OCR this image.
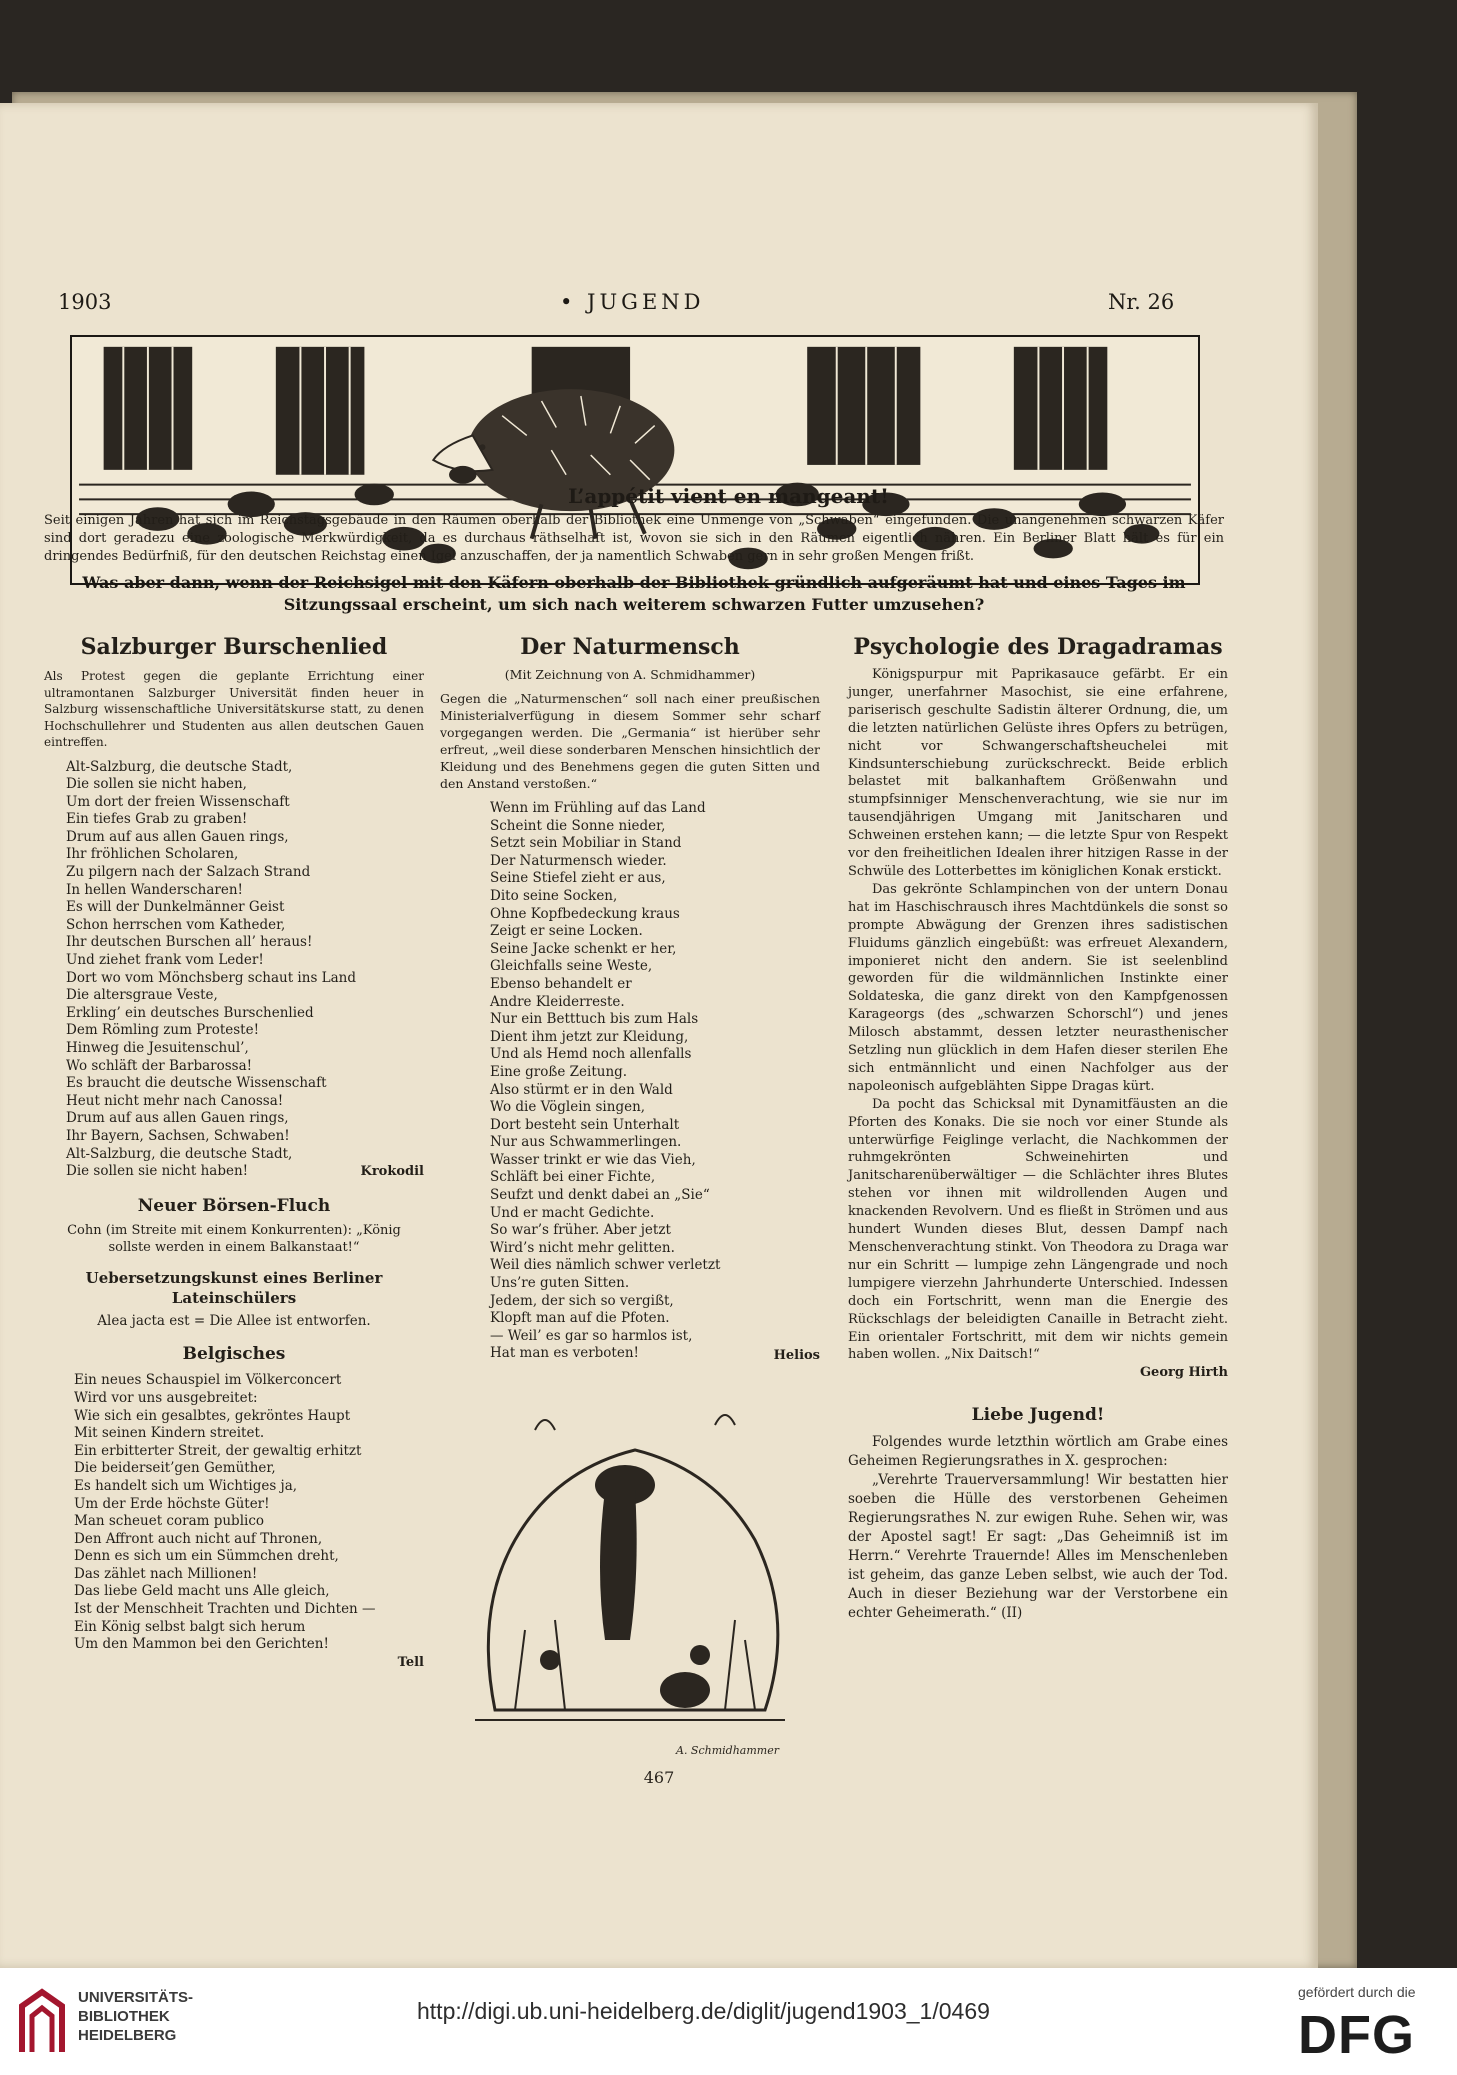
1903	• JUGEND	Nr. 26
L’appétit vient en mangeant!
Seit einigen Jahren hat sich im Reichstagsgebäude in den Räumen oberhalb der Bibliothek eine Unmenge von „Schwaben“ eingefunden. Die unangenehmen schwarzen Käfer sind dort geradezu eine zoologische Merkwürdigkeit, da es durchaus räthselhaft ist, wovon sie sich in den Räumen eigentlich nähren. Ein Berliner Blatt hält es für ein dringendes Bedürfniß, für den deutschen Reichstag einen Igel anzuschaffen, der ja namentlich Schwaben gern in sehr großen Mengen frißt.
Was aber dann, wenn der Reichsigel mit den Käfern oberhalb der Bibliothek gründlich aufgeräumt hat und eines Tages im Sitzungssaal erscheint, um sich nach weiterem schwarzen Futter umzusehen?

Salzburger Burschenlied

Als Protest gegen die geplante Errichtung einer ultramontanen Salzburger Universität finden heuer in Salzburg wissenschaftliche Universitätskurse statt, zu denen Hochschullehrer und Studenten aus allen deutschen Gauen eintreffen.

Alt-Salzburg, die deutsche Stadt,
Die sollen sie nicht haben,
Um dort der freien Wissenschaft
Ein tiefes Grab zu graben!
Drum auf aus allen Gauen rings,
Ihr fröhlichen Scholaren,
Zu pilgern nach der Salzach Strand
In hellen Wanderscharen!
Es will der Dunkelmänner Geist
Schon herrschen vom Katheder,
Ihr deutschen Burschen all’ heraus!
Und ziehet frank vom Leder!
Dort wo vom Mönchsberg schaut ins Land
Die altersgraue Veste,
Erkling’ ein deutsches Burschenlied
Dem Römling zum Proteste!
Hinweg die Jesuitenschul’,
Wo schläft der Barbarossa!
Es braucht die deutsche Wissenschaft
Heut nicht mehr nach Canossa!
Drum auf aus allen Gauen rings,
Ihr Bayern, Sachsen, Schwaben!
Alt-Salzburg, die deutsche Stadt,
Die sollen sie nicht haben!	Krokodil

Neuer Börsen-Fluch

Cohn (im Streite mit einem Konkurrenten): „König sollste werden in einem Balkanstaat!“

Uebersetzungskunst eines Berliner Lateinschülers

Alea jacta est = Die Allee ist entworfen.

Belgisches

Ein neues Schauspiel im Völkerconcert
Wird vor uns ausgebreitet:
Wie sich ein gesalbtes, gekröntes Haupt
Mit seinen Kindern streitet.
Ein erbitterter Streit, der gewaltig erhitzt
Die beiderseit’gen Gemüther,
Es handelt sich um Wichtiges ja,
Um der Erde höchste Güter!
Man scheuet coram publico
Den Affront auch nicht auf Thronen,
Denn es sich um ein Sümmchen dreht,
Das zählet nach Millionen!
Das liebe Geld macht uns Alle gleich,
Ist der Menschheit Trachten und Dichten —
Ein König selbst balgt sich herum
Um den Mammon bei den Gerichten!

Tell

Der Naturmensch

(Mit Zeichnung von A. Schmidhammer)

Gegen die „Naturmenschen“ soll nach einer preußischen Ministerialverfügung in diesem Sommer sehr scharf vorgegangen werden. Die „Germania“ ist hierüber sehr erfreut, „weil diese sonderbaren Menschen hinsichtlich der Kleidung und des Benehmens gegen die guten Sitten und den Anstand verstoßen.“

Wenn im Frühling auf das Land
Scheint die Sonne nieder,
Setzt sein Mobiliar in Stand
Der Naturmensch wieder.
Seine Stiefel zieht er aus,
Dito seine Socken,
Ohne Kopfbedeckung kraus
Zeigt er seine Locken.
Seine Jacke schenkt er her,
Gleichfalls seine Weste,
Ebenso behandelt er
Andre Kleiderreste.
Nur ein Betttuch bis zum Hals
Dient ihm jetzt zur Kleidung,
Und als Hemd noch allenfalls
Eine große Zeitung.
Also stürmt er in den Wald
Wo die Vöglein singen,
Dort besteht sein Unterhalt
Nur aus Schwammerlingen.
Wasser trinkt er wie das Vieh,
Schläft bei einer Fichte,
Seufzt und denkt dabei an „Sie“
Und er macht Gedichte.
So war’s früher. Aber jetzt
Wird’s nicht mehr gelitten.
Weil dies nämlich schwer verletzt
Uns’re guten Sitten.
Jedem, der sich so vergißt,
Klopft man auf die Pfoten.
— Weil’ es gar so harmlos ist,
Hat man es verboten!	Helios

A. Schmidhammer

Psychologie des Dragadramas

Königspurpur mit Paprikasauce gefärbt. Er ein junger, unerfahrner Masochist, sie eine erfahrene, pariserisch geschulte Sadistin älterer Ordnung, die, um die letzten natürlichen Gelüste ihres Opfers zu betrügen, nicht vor Schwangerschaftsheuchelei mit Kindsunterschiebung zurückschreckt. Beide erblich belastet mit balkanhaftem Größenwahn und stumpfsinniger Menschenverachtung, wie sie nur im tausendjährigen Umgang mit Janitscharen und Schweinen erstehen kann; — die letzte Spur von Respekt vor den freiheitlichen Idealen ihrer hitzigen Rasse in der Schwüle des Lotterbettes im königlichen Konak erstickt.

Das gekrönte Schlampinchen von der untern Donau hat im Haschischrausch ihres Machtdünkels die sonst so prompte Abwägung der Grenzen ihres sadistischen Fluidums gänzlich eingebüßt: was erfreuet Alexandern, imponieret nicht den andern. Sie ist seelenblind geworden für die wildmännlichen Instinkte einer Soldateska, die ganz direkt von den Kampfgenossen Karageorgs (des „schwarzen Schorschl“) und jenes Milosch abstammt, dessen letzter neurasthenischer Setzling nun glücklich in dem Hafen dieser sterilen Ehe sich entmännlicht und einen Nachfolger aus der napoleonisch aufgeblähten Sippe Dragas kürt.

Da pocht das Schicksal mit Dynamitfäusten an die Pforten des Konaks. Die sie noch vor einer Stunde als unterwürfige Feiglinge verlacht, die Nachkommen der ruhmgekrönten Schweinehirten und Janitscharenüberwältiger — die Schlächter ihres Blutes stehen vor ihnen mit wildrollenden Augen und knackenden Revolvern. Und es fließt in Strömen und aus hundert Wunden dieses Blut, dessen Dampf nach Menschenverachtung stinkt. Von Theodora zu Draga war nur ein Schritt — lumpige zehn Längengrade und noch lumpigere vierzehn Jahrhunderte Unterschied. Indessen doch ein Fortschritt, wenn man die Energie des Rückschlags der beleidigten Canaille in Betracht zieht. Ein orientaler Fortschritt, mit dem wir nichts gemein haben wollen. „Nix Daitsch!“

Georg Hirth

Liebe Jugend!

Folgendes wurde letzthin wörtlich am Grabe eines Geheimen Regierungsrathes in X. gesprochen:

„Verehrte Trauerversammlung! Wir bestatten hier soeben die Hülle des verstorbenen Geheimen Regierungsrathes N. zur ewigen Ruhe. Sehen wir, was der Apostel sagt! Er sagt: „Das Geheimniß ist im Herrn.“ Verehrte Trauernde! Alles im Menschenleben ist geheim, das ganze Leben selbst, wie auch der Tod. Auch in dieser Beziehung war der Verstorbene ein echter Geheimerath.“ (II)

467
UNIVERSITÄTS-
BIBLIOTHEK
HEIDELBERG
http://digi.ub.uni-heidelberg.de/diglit/jugend1903_1/0469
gefördert durch die
DFG
